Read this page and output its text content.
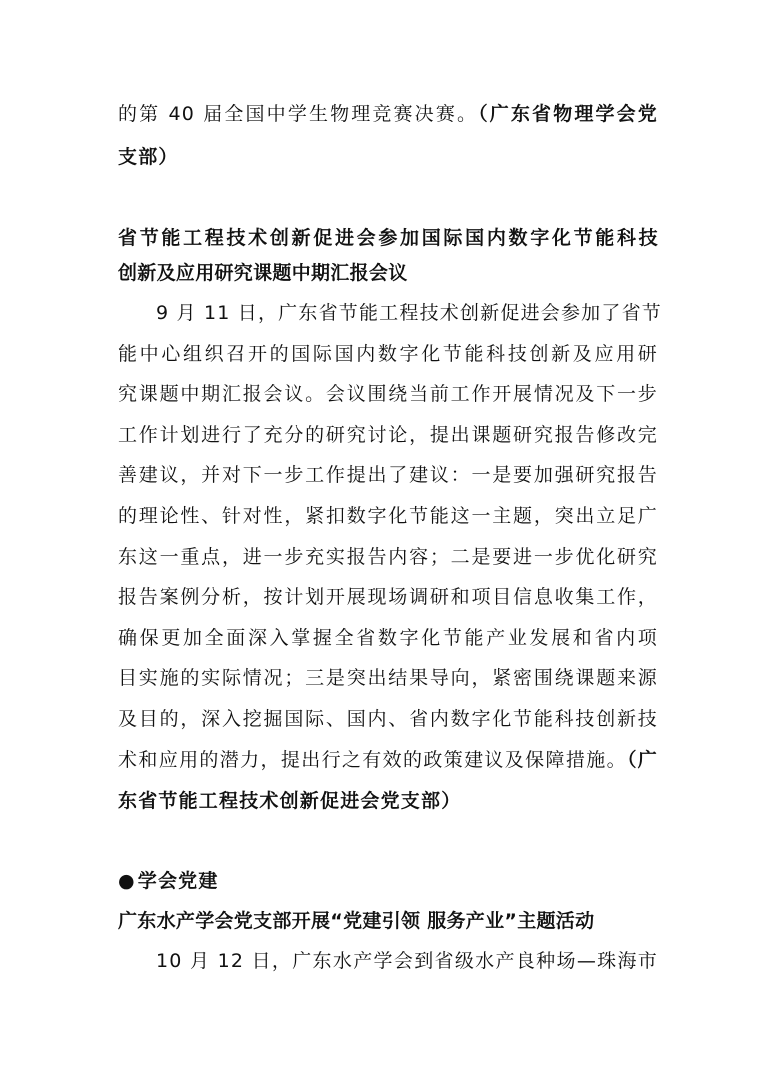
的第 40 届全国中学生物理竞赛决赛。（广东省物理学会党
支部）
省节能工程技术创新促进会参加国际国内数字化节能科技
创新及应用研究课题中期汇报会议
9 月 11 日，广东省节能工程技术创新促进会参加了省节
能中心组织召开的国际国内数字化节能科技创新及应用研
究课题中期汇报会议。会议围绕当前工作开展情况及下一步
工作计划进行了充分的研究讨论，提出课题研究报告修改完
善建议，并对下一步工作提出了建议：一是要加强研究报告
的理论性、针对性，紧扣数字化节能这一主题，突出立足广
东这一重点，进一步充实报告内容；二是要进一步优化研究
报告案例分析，按计划开展现场调研和项目信息收集工作，
确保更加全面深入掌握全省数字化节能产业发展和省内项
目实施的实际情况；三是突出结果导向，紧密围绕课题来源
及目的，深入挖掘国际、国内、省内数字化节能科技创新技
术和应用的潜力，提出行之有效的政策建议及保障措施。（广
东省节能工程技术创新促进会党支部）
● 学会党建
广东水产学会党支部开展“党建引领 服务产业”主题活动
10 月 12 日，广东水产学会到省级水产良种场—珠海市
